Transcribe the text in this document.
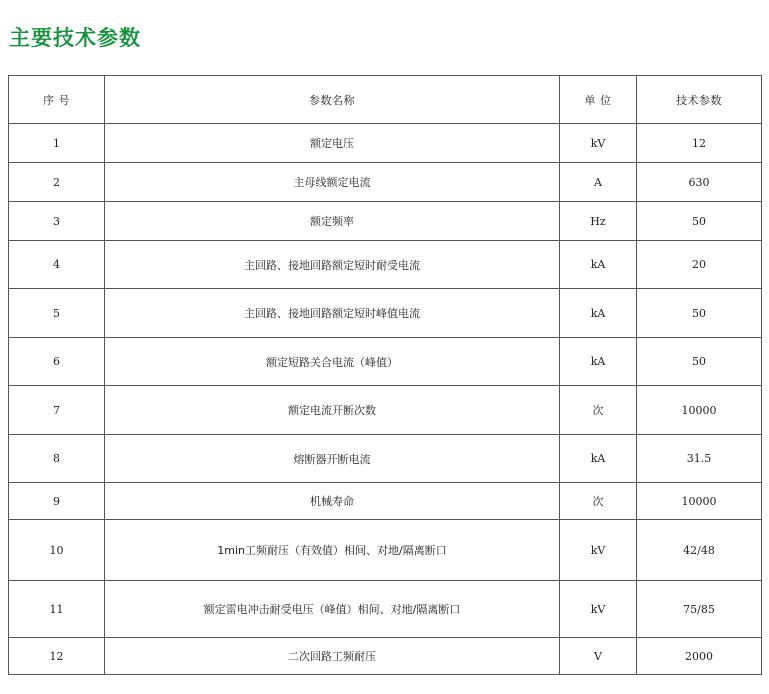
主要技术参数
序 号	参数名称	单 位	技术参数
1	额定电压	kV	12
2	主母线额定电流	A	630
3	额定频率	Hz	50
4	主回路、接地回路额定短时耐受电流	kA	20
5	主回路、接地回路额定短时峰值电流	kA	50
6	额定短路关合电流（峰值）	kA	50
7	额定电流开断次数	次	10000
8	熔断器开断电流	kA	31.5
9	机械寿命	次	10000
10	1min工频耐压（有效值）相间、对地/隔离断口	kV	42/48
11	额定雷电冲击耐受电压（峰值）相间、对地/隔离断口	kV	75/85
12	二次回路工频耐压	V	2000
